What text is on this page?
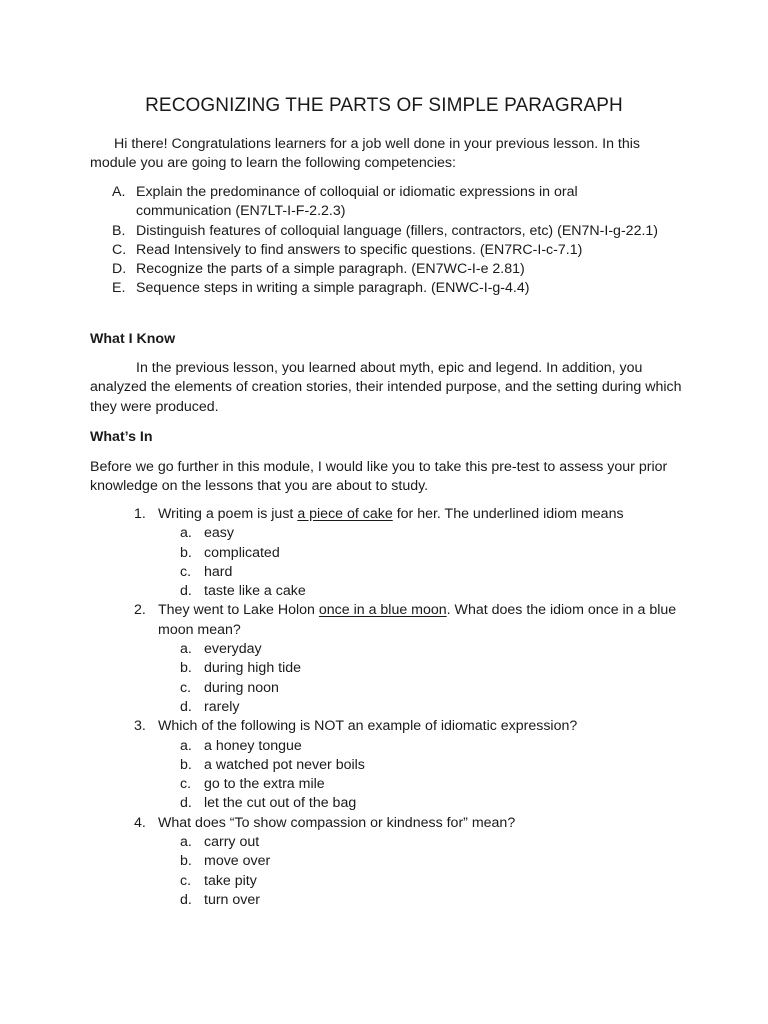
RECOGNIZING THE PARTS OF SIMPLE PARAGRAPH

Hi there! Congratulations learners for a job well done in your previous lesson. In this module you are going to learn the following competencies:

A. Explain the predominance of colloquial or idiomatic expressions in oral communication (EN7LT-I-F-2.2.3)
B. Distinguish features of colloquial language (fillers, contractors, etc) (EN7N-I-g-22.1)
C. Read Intensively to find answers to specific questions. (EN7RC-I-c-7.1)
D. Recognize the parts of a simple paragraph. (EN7WC-I-e 2.81)
E. Sequence steps in writing a simple paragraph. (ENWC-I-g-4.4)
What I Know

In the previous lesson, you learned about myth, epic and legend. In addition, you analyzed the elements of creation stories, their intended purpose, and the setting during which they were produced.

What’s In

Before we go further in this module, I would like you to take this pre-test to assess your prior knowledge on the lessons that you are about to study.

1. Writing a poem is just a piece of cake for her. The underlined idiom means
a. easy
b. complicated
c. hard
d. taste like a cake
2. They went to Lake Holon once in a blue moon. What does the idiom once in a blue moon mean?
a. everyday
b. during high tide
c. during noon
d. rarely
3. Which of the following is NOT an example of idiomatic expression?
a. a honey tongue
b. a watched pot never boils
c. go to the extra mile
d. let the cut out of the bag
4. What does “To show compassion or kindness for” mean?
a. carry out
b. move over
c. take pity
d. turn over
